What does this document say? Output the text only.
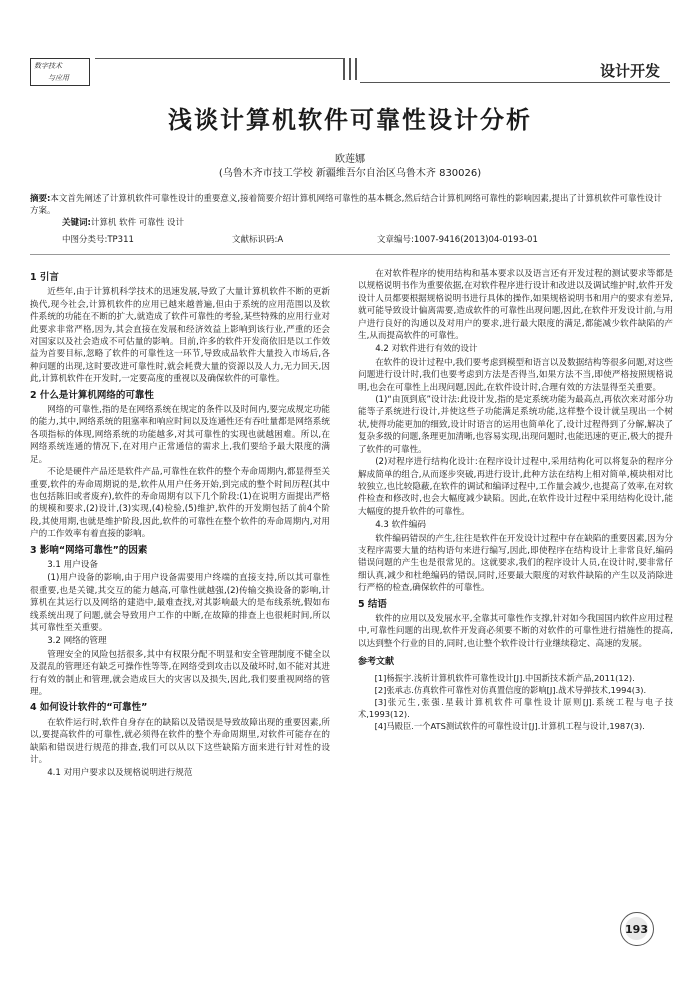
数字技术
与应用	设计开发
浅谈计算机软件可靠性设计分析
欧莲娜
(乌鲁木齐市技工学校 新疆维吾尔自治区乌鲁木齐 830026)
摘要:本文首先阐述了计算机软件可靠性设计的重要意义,接着简要介绍计算机网络可靠性的基本概念,然后结合计算机网络可靠性的影响因素,提出了计算机软件可靠性设计方案。
关键词:计算机 软件 可靠性 设计
中图分类号:TP311	文献标识码:A	文章编号:1007-9416(2013)04-0193-01
1 引言

近些年,由于计算机科学技术的迅速发展,导致了大量计算机软件不断的更新换代,现今社会,计算机软件的应用已越来越普遍,但由于系统的应用范围以及软件系统的功能在不断的扩大,就造成了软件可靠性的考验,某些特殊的应用行业对此要求非常严格,因为,其会直接在发展和经济效益上影响到该行业,严重的还会对国家以及社会造成不可估量的影响。目前,许多的软件开发商依旧是以工作效益为首要目标,忽略了软件的可靠性这一环节,导致成品软件大量投入市场后,各种问题的出现,这时要改进可靠性时,就会耗费大量的资源以及人力,无力回天,因此,计算机软件在开发时,一定要高度的重视以及确保软件的可靠性。

2 什么是计算机网络的可靠性

网络的可靠性,指的是在网络系统在规定的条件以及时间内,要完成规定功能的能力,其中,网络系统的阻塞率和响应时间以及连通性还有吞吐量都是网络系统各项指标的体现,网络系统的功能越多,对其可靠性的实现也就越困难。所以,在网络系统连通的情况下,在对用户正常通信的需求上,我们要给予最大限度的满足。

不论是硬件产品还是软件产品,可靠性在软件的整个寿命周期内,都显得至关重要,软件的寿命周期说的是,软件从用户任务开始,到完成的整个时间历程(其中也包括陈旧或者废弃),软件的寿命周期有以下几个阶段:(1)在说明方面提出严格的规模和要求,(2)设计,(3)实现,(4)检验,(5)维护,软件的开发期包括了前4个阶段,其使用期,也就是维护阶段,因此,软件的可靠性在整个软件的寿命周期内,对用户的工作效率有着直接的影响。

3 影响“网络可靠性”的因素
3.1 用户设备

(1)用户设备的影响,由于用户设备需要用户终端的直接支持,所以其可靠性很重要,也是关键,其交互的能力越高,可靠性就越强,(2)传输交换设备的影响,计算机在其运行以及网络的建造中,最难查找,对其影响最大的是布线系统,假如布线系统出现了问题,就会导致用户工作的中断,在故障的排查上也很耗时间,所以其可靠性至关重要。

3.2 网络的管理

管理安全的风险包括很多,其中有权限分配不明显和安全管理制度不健全以及混乱的管理还有缺乏可操作性等等,在网络受到攻击以及破坏时,如不能对其进行有效的制止和管理,就会造成巨大的灾害以及损失,因此,我们要重视网络的管理。

4 如何设计软件的“可靠性”

在软件运行时,软件自身存在的缺陷以及错误是导致故障出现的重要因素,所以,要提高软件的可靠性,就必须得在软件的整个寿命周期里,对软件可能存在的缺陷和错误进行规范的排查,我们可以从以下这些缺陷方面来进行针对性的设计。

4.1 对用户要求以及规格说明进行规范

在对软件程序的使用结构和基本要求以及语言还有开发过程的测试要求等都是以规格说明书作为重要依据,在对软件程序进行设计和改进以及调试维护时,软件开发设计人员都要根据规格说明书进行具体的操作,如果规格说明书和用户的要求有差异,就可能导致设计偏离需要,造成软件的可靠性出现问题,因此,在软件开发设计前,与用户进行良好的沟通以及对用户的要求,进行最大限度的满足,都能减少软件缺陷的产生,从而提高软件的可靠性。

4.2 对软件进行有效的设计

在软件的设计过程中,我们要考虑到模型和语言以及数据结构等很多问题,对这些问题进行设计时,我们也要考虑到方法是否得当,如果方法不当,即使严格按照规格说明,也会在可靠性上出现问题,因此,在软件设计时,合理有效的方法显得至关重要。

(1)“由顶到底”设计法:此设计发,指的是定系统功能为最高点,再依次来对部分功能等子系统进行设计,并使这些子功能满足系统功能,这样整个设计就呈现出一个树状,使得功能更加的细致,设计时语言的运用也简单化了,设计过程得到了分解,解决了复杂多级的问题,条理更加清晰,也容易实现,出现问题时,也能迅速的更正,极大的提升了软件的可靠性。

(2)对程序进行结构化设计:在程序设计过程中,采用结构化可以将复杂的程序分解成简单的组合,从而逐步突破,再进行设计,此种方法在结构上相对简单,模块相对比较独立,也比较隐蔽,在软件的调试和编译过程中,工作量会减少,也提高了效率,在对软件检查和修改时,也会大幅度减少缺陷。因此,在软件设计过程中采用结构化设计,能大幅度的提升软件的可靠性。

4.3 软件编码

软件编码错误的产生,往往是软件在开发设计过程中存在缺陷的重要因素,因为分支程序需要大量的结构语句来进行编写,因此,即使程序在结构设计上非常良好,编码错误问题的产生也是很常见的。这就要求,我们的程序设计人员,在设计时,要非常仔细认真,减少和杜绝编码的错误,同时,还要最大限度的对软件缺陷的产生以及消除进行严格的检查,确保软件的可靠性。

5 结语

软件的应用以及发展水平,全靠其可靠性作支撑,针对如今我国国内软件应用过程中,可靠性问题的出现,软件开发商必须要不断的对软件的可靠性进行措施性的提高,以达到整个行业的目的,同时,也让整个软件设计行业继续稳定、高速的发展。

参考文献

[1]杨振宇.浅析计算机软件可靠性设计[J].中国新技术新产品,2011(12).

[2]张承志.仿真软件可靠性对仿真置信度的影响[J].战术导弹技术,1994(3).

[3]张元生,张强.星载计算机软件可靠性设计原则[J].系统工程与电子技术,1993(12).

[4]马殿臣.一个ATS测试软件的可靠性设计[J].计算机工程与设计,1987(3).

193
